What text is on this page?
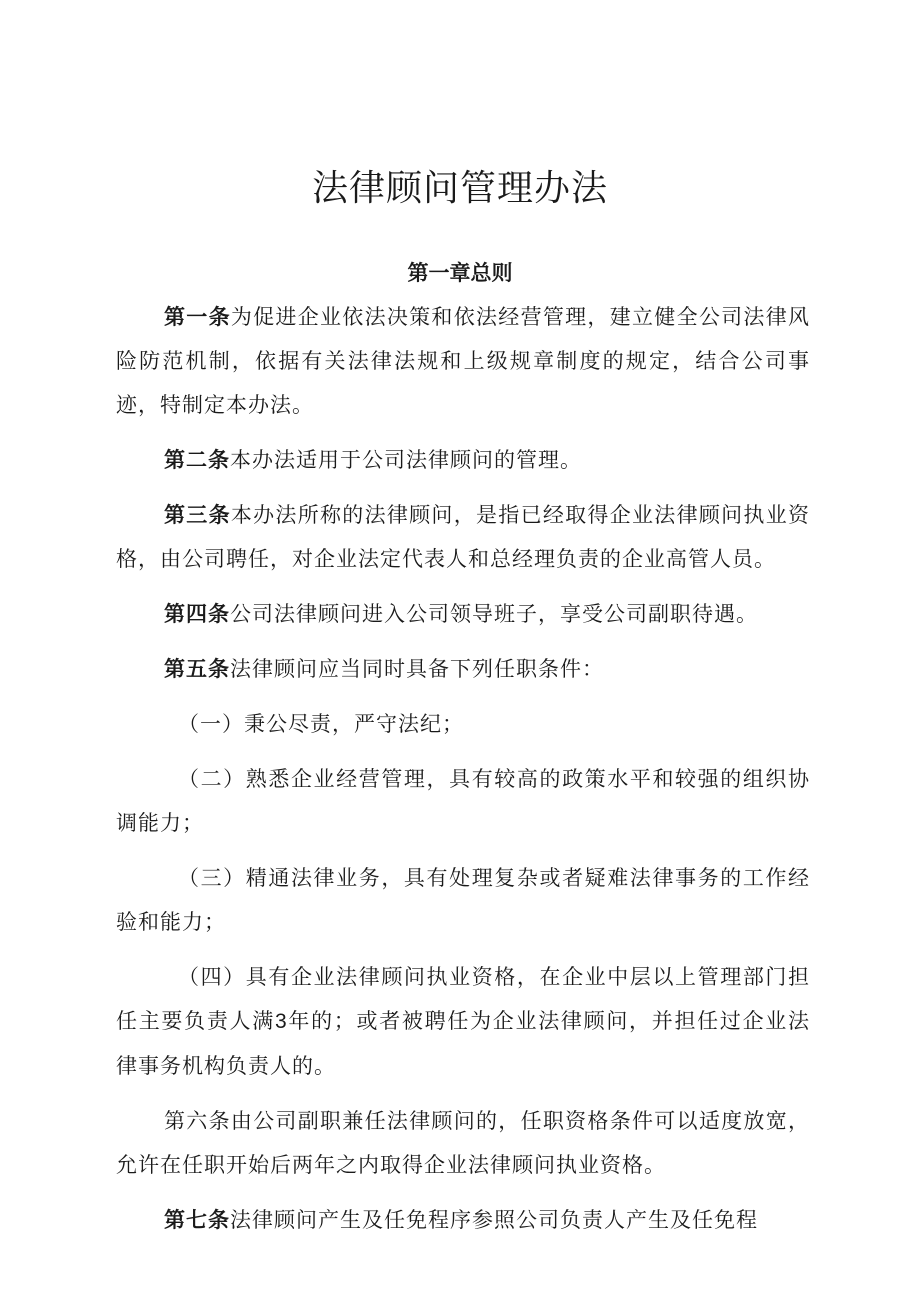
法律顾问管理办法
第一章总则

第一条为促进企业依法决策和依法经营管理，建立健全公司法律风险防范机制，依据有关法律法规和上级规章制度的规定，结合公司事迹，特制定本办法。

第二条本办法适用于公司法律顾问的管理。

第三条本办法所称的法律顾问，是指已经取得企业法律顾问执业资格，由公司聘任，对企业法定代表人和总经理负责的企业高管人员。

第四条公司法律顾问进入公司领导班子，享受公司副职待遇。

第五条法律顾问应当同时具备下列任职条件：

（一）秉公尽责，严守法纪；

（二）熟悉企业经营管理，具有较高的政策水平和较强的组织协调能力；

（三）精通法律业务，具有处理复杂或者疑难法律事务的工作经验和能力；

（四）具有企业法律顾问执业资格，在企业中层以上管理部门担任主要负责人满3年的；或者被聘任为企业法律顾问，并担任过企业法律事务机构负责人的。

第六条由公司副职兼任法律顾问的，任职资格条件可以适度放宽，允许在任职开始后两年之内取得企业法律顾问执业资格。

第七条法律顾问产生及任免程序参照公司负责人产生及任免程
